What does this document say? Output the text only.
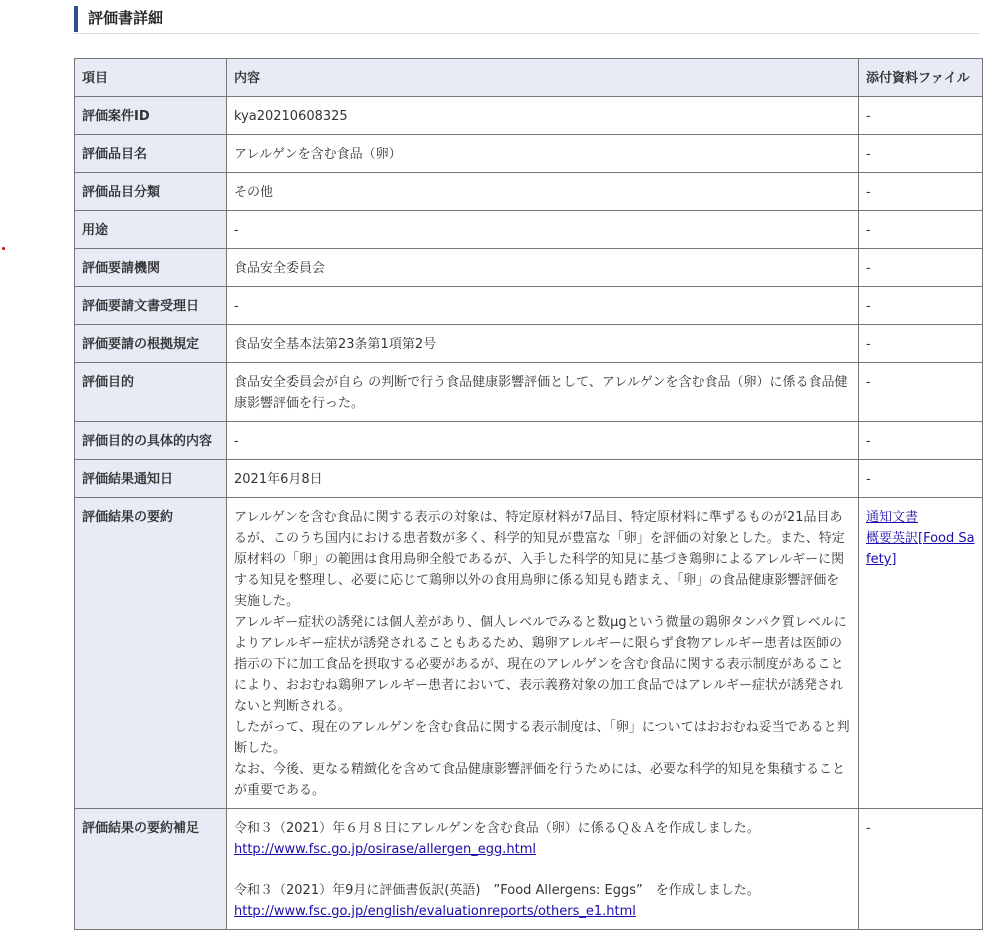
評価書詳細
項目	内容	添付資料ファイル
評価案件ID	kya20210608325	-
評価品目名	アレルゲンを含む食品（卵）	-
評価品目分類	その他	-
用途	-	-
評価要請機関	食品安全委員会	-
評価要請文書受理日	-	-
評価要請の根拠規定	食品安全基本法第23条第1項第2号	-
評価目的	食品安全委員会が自ら の判断で行う食品健康影響評価として、アレルゲンを含む食品（卵）に係る食品健康影響評価を行った。	-
評価目的の具体的内容	-	-
評価結果通知日	2021年6月8日	-
評価結果の要約	アレルゲンを含む食品に関する表示の対象は、特定原材料が7品目、特定原材料に準ずるものが21品目あるが、このうち国内における患者数が多く、科学的知見が豊富な「卵」を評価の対象とした。また、特定原材料の「卵」の範囲は食用鳥卵全般であるが、入手した科学的知見に基づき鶏卵によるアレルギーに関する知見を整理し、必要に応じて鶏卵以外の食用鳥卵に係る知見も踏まえ、「卵」の食品健康影響評価を実施した。
アレルギー症状の誘発には個人差があり、個人レベルでみると数μgという微量の鶏卵タンパク質レベルによりアレルギー症状が誘発されることもあるため、鶏卵アレルギーに限らず食物アレルギー患者は医師の指示の下に加工食品を摂取する必要があるが、現在のアレルゲンを含む食品に関する表示制度があることにより、おおむね鶏卵アレルギー患者において、表示義務対象の加工食品ではアレルギー症状が誘発されないと判断される。
したがって、現在のアレルゲンを含む食品に関する表示制度は、「卵」についてはおおむね妥当であると判断した。
なお、今後、更なる精緻化を含めて食品健康影響評価を行うためには、必要な科学的知見を集積することが重要である。	通知文書
概要英訳[Food Safety]
評価結果の要約補足	令和３（2021）年６月８日にアレルゲンを含む食品（卵）に係るＱ＆Ａを作成しました。
http://www.fsc.go.jp/osirase/allergen_egg.html
令和３（2021）年9月に評価書仮訳(英語)　”Food Allergens: Eggs”　を作成しました。
http://www.fsc.go.jp/english/evaluationreports/others_e1.html	-
